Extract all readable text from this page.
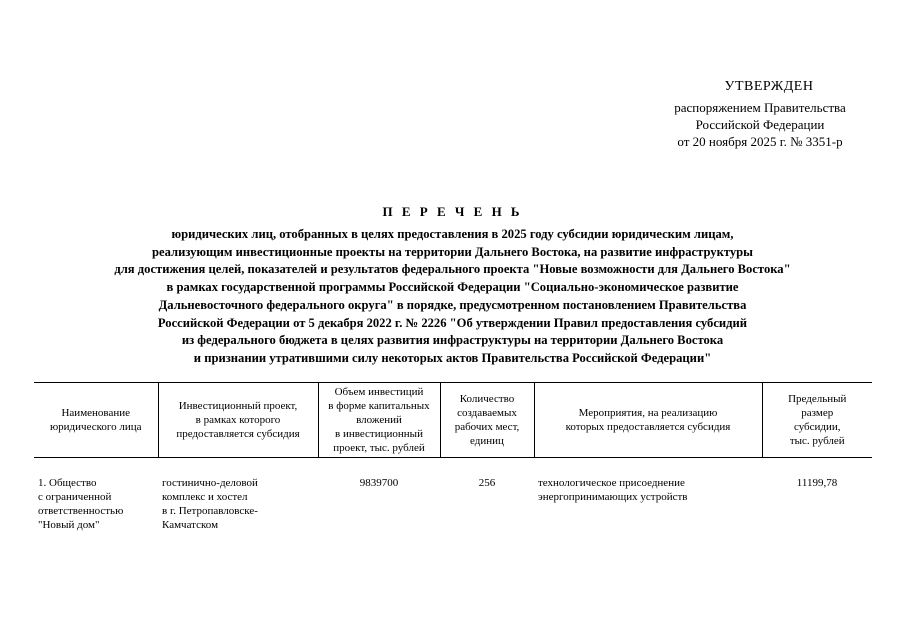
УТВЕРЖДЕН
распоряжением Правительства
Российской Федерации
от 20 ноября 2025 г. № 3351-р
П Е Р Е Ч Е Н Ь
юридических лиц, отобранных в целях предоставления в 2025 году субсидии юридическим лицам,
реализующим инвестиционные проекты на территории Дальнего Востока, на развитие инфраструктуры
для достижения целей, показателей и результатов федерального проекта "Новые возможности для Дальнего Востока"
в рамках государственной программы Российской Федерации "Социально-экономическое развитие
Дальневосточного федерального округа" в порядке, предусмотренном постановлением Правительства
Российской Федерации от 5 декабря 2022 г. № 2226 "Об утверждении Правил предоставления субсидий
из федерального бюджета в целях развития инфраструктуры на территории Дальнего Востока
и признании утратившими силу некоторых актов Правительства Российской Федерации"
Наименование
юридического лица	Инвестиционный проект,
в рамках которого
предоставляется субсидия	Объем инвестиций
в форме капитальных
вложений
в инвестиционный
проект, тыс. рублей	Количество
создаваемых
рабочих мест,
единиц	Мероприятия, на реализацию
которых предоставляется субсидия	Предельный
размер
субсидии,
тыс. рублей
1. Общество
с ограниченной
ответственностью
"Новый дом"	гостинично-деловой
комплекс и хостел
в г. Петропавловске-
Камчатском	9839700	256	технологическое присоеднение
энергопринимающих устройств	11199,78
